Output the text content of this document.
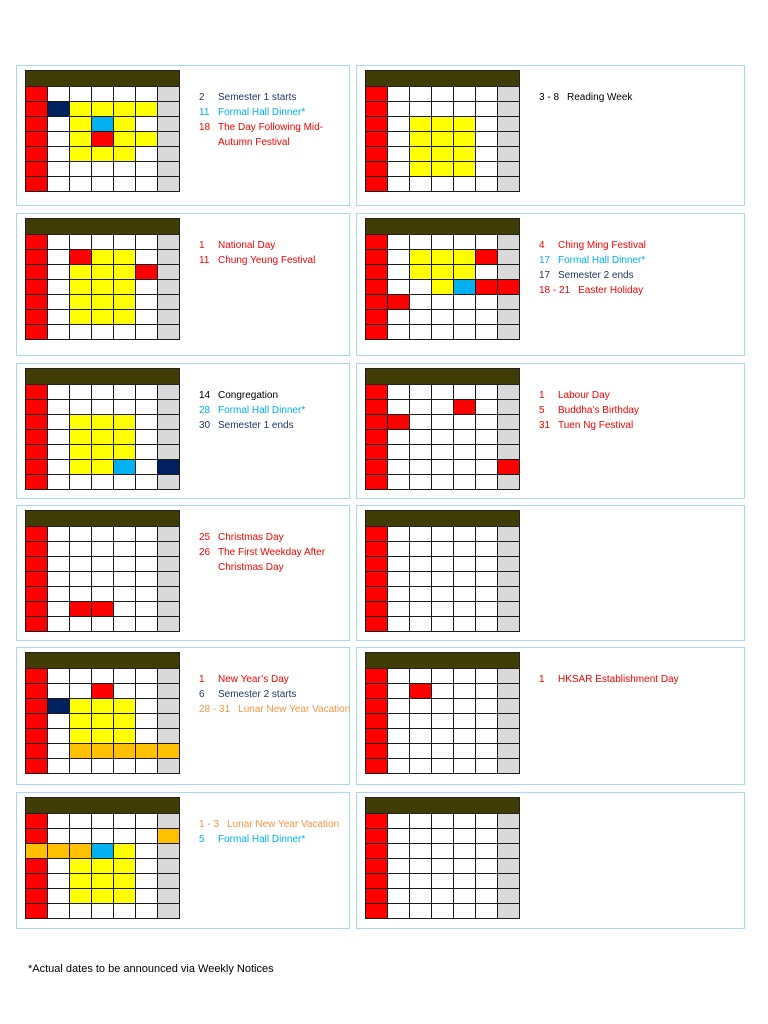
2	Semester 1 starts
11 Formal Hall Dinner*
18 The Day Following Mid-
Autumn Festival

3 - 8 Reading Week

1	National Day
11 Chung Yeung Festival

4	Ching Ming Festival
17 Formal Hall Dinner*
17 Semester 2 ends
18 - 21 Easter Holiday

14 Congregation
28 Formal Hall Dinner*
30 Semester 1 ends

1	Labour Day
5	Buddha’s Birthday
31 Tuen Ng Festival

25 Christmas Day
26 The First Weekday After
Christmas Day

1	New Year’s Day
6	Semester 2 starts
28 - 31 Lunar New Year Vacation

1	HKSAR Establishment Day

1 - 3 Lunar New Year Vacation
5	Formal Hall Dinner*

*Actual dates to be announced via Weekly Notices
